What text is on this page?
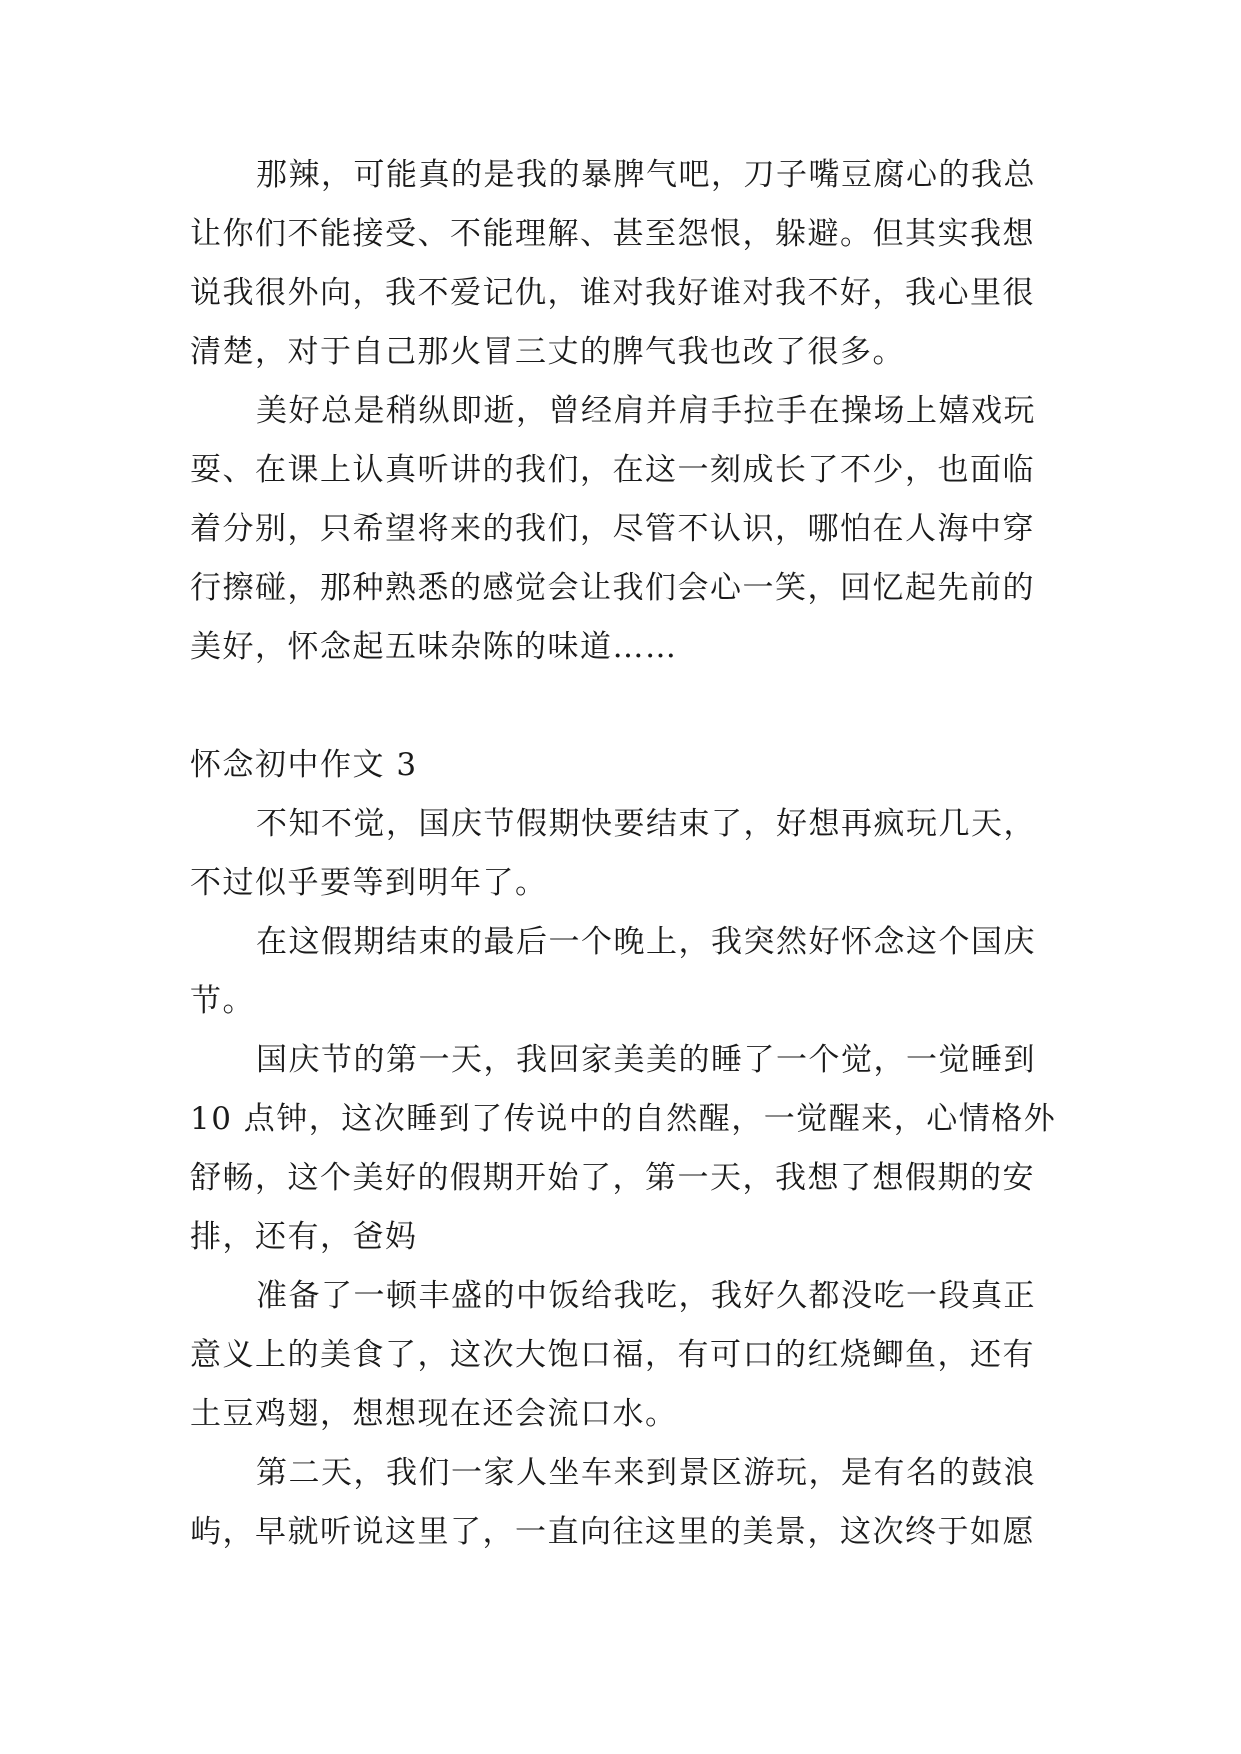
那辣，可能真的是我的暴脾气吧，刀子嘴豆腐心的我总
让你们不能接受、不能理解、甚至怨恨，躲避。但其实我想
说我很外向，我不爱记仇，谁对我好谁对我不好，我心里很
清楚，对于自己那火冒三丈的脾气我也改了很多。
美好总是稍纵即逝，曾经肩并肩手拉手在操场上嬉戏玩
耍、在课上认真听讲的我们，在这一刻成长了不少，也面临
着分别，只希望将来的我们，尽管不认识，哪怕在人海中穿
行擦碰，那种熟悉的感觉会让我们会心一笑，回忆起先前的
美好，怀念起五味杂陈的味道……
怀念初中作文 3
不知不觉，国庆节假期快要结束了，好想再疯玩几天，
不过似乎要等到明年了。
在这假期结束的最后一个晚上，我突然好怀念这个国庆
节。
国庆节的第一天，我回家美美的睡了一个觉，一觉睡到
10 点钟，这次睡到了传说中的自然醒，一觉醒来，心情格外
舒畅，这个美好的假期开始了，第一天，我想了想假期的安
排，还有，爸妈
准备了一顿丰盛的中饭给我吃，我好久都没吃一段真正
意义上的美食了，这次大饱口福，有可口的红烧鲫鱼，还有
土豆鸡翅，想想现在还会流口水。
第二天，我们一家人坐车来到景区游玩，是有名的鼓浪
屿，早就听说这里了，一直向往这里的美景，这次终于如愿
